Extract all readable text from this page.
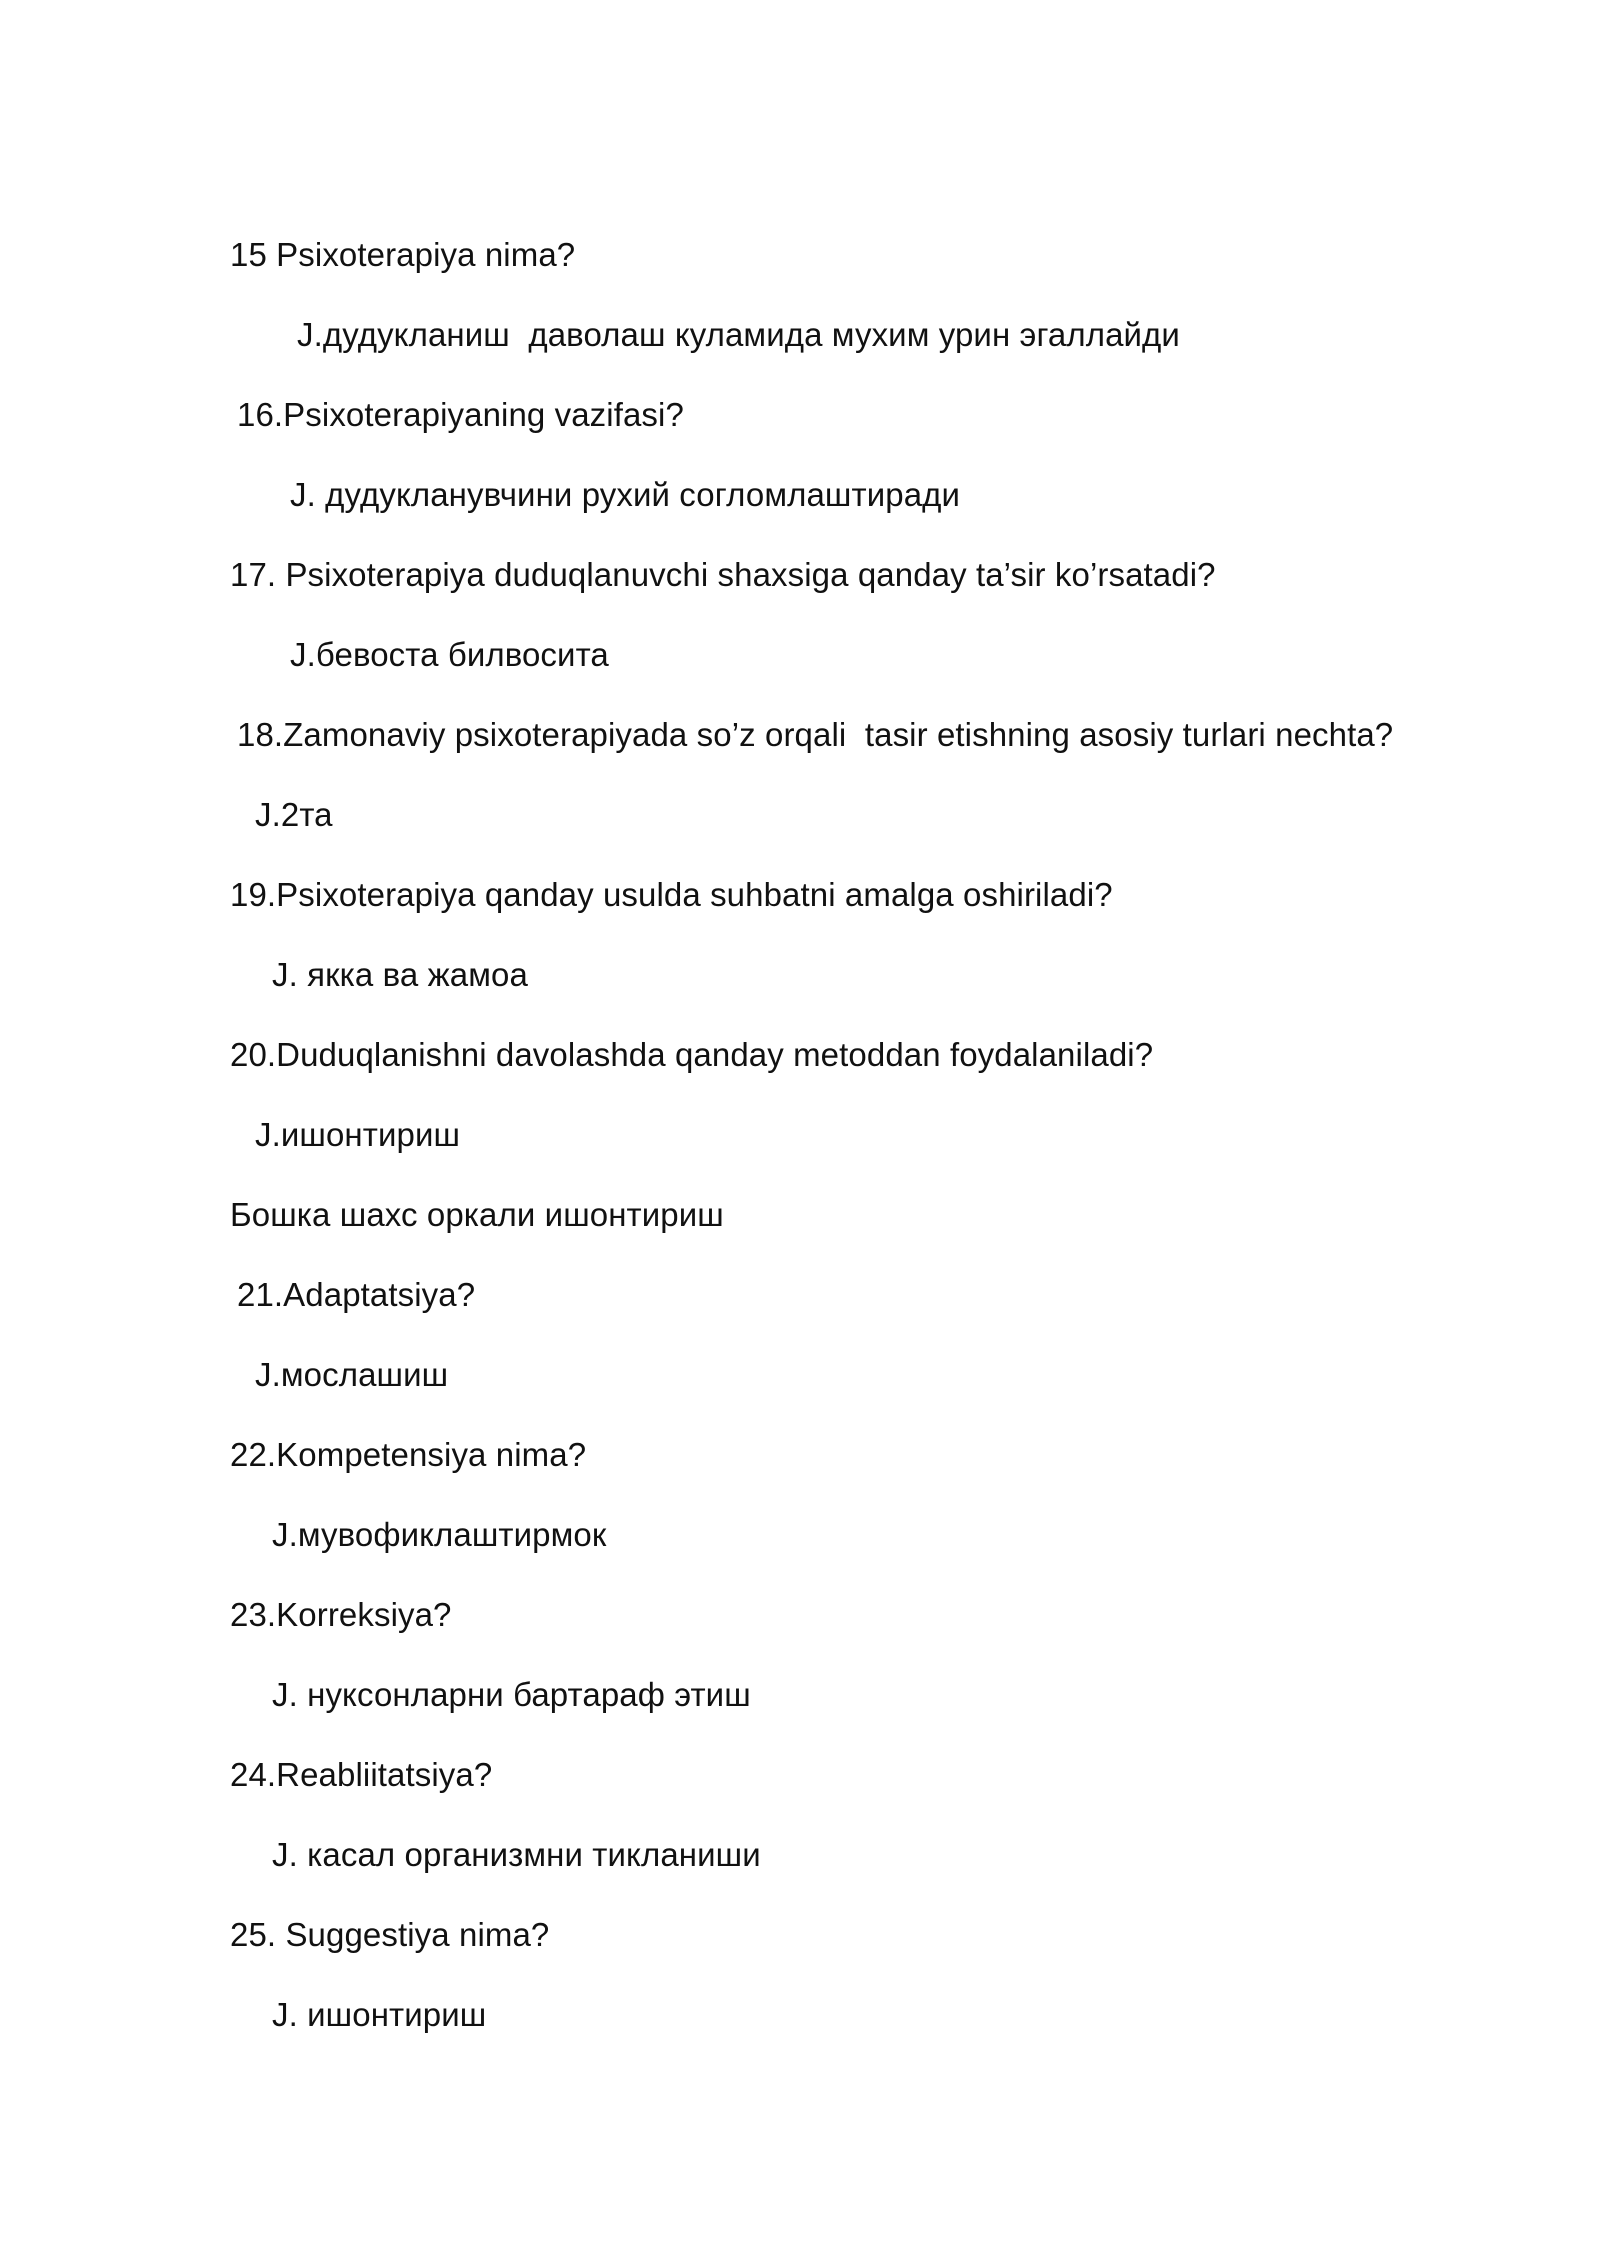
15 Psixoterapiya nima?
J.дудукланиш  даволаш куламида мухим урин эгаллайди
16.Psixoterapiyaning vazifasi?
J. дудукланувчини рухий согломлаштиради
17. Psixoterapiya duduqlanuvchi shaxsiga qanday ta’sir ko’rsatadi?
J.бевоста билвосита
18.Zamonaviy psixoterapiyada so’z orqali  tasir etishning asosiy turlari nechta?
J.2та
19.Psixoterapiya qanday usulda suhbatni amalga oshiriladi?
J. якка ва жамоа
20.Duduqlanishni davolashda qanday metoddan foydalaniladi?
J.ишонтириш
Бошка шахс оркали ишонтириш
21.Adaptatsiya?
J.мослашиш
22.Kompetensiya nima?
J.мувофиклаштирмок
23.Korreksiya?
J. нуксонларни бартараф этиш
24.Reabliitatsiya?
J. касал организмни тикланиши
25. Suggestiya nima?
J. ишонтириш
